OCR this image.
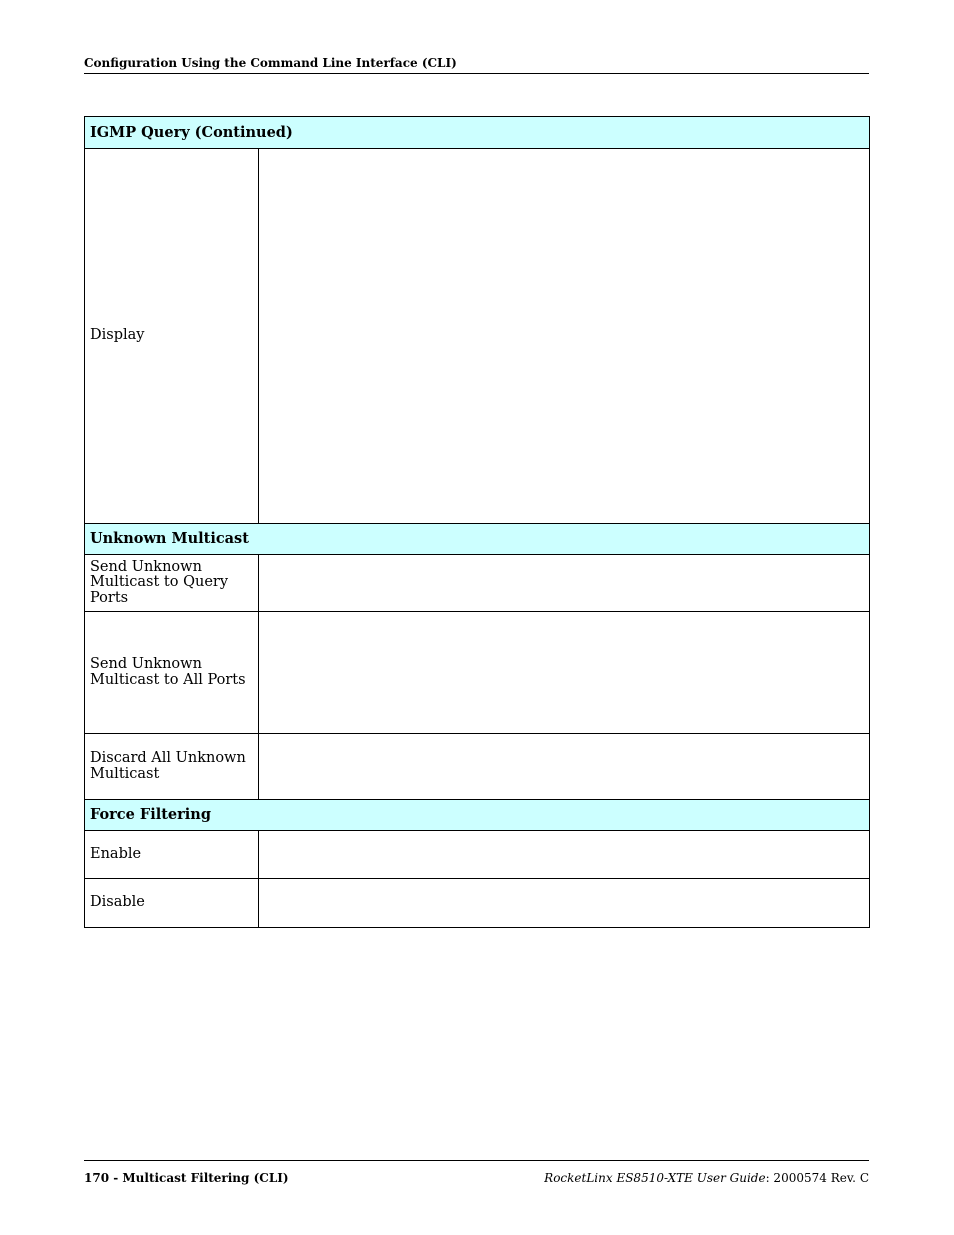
Configuration Using the Command Line Interface (CLI)
IGMP Query (Continued)	
Display	
Unknown Multicast	
Send Unknown Multicast to Query Ports	
Send Unknown Multicast to All Ports	
Discard All Unknown Multicast	
Force Filtering	
Enable	
Disable	
170 - Multicast Filtering (CLI)	RocketLinx ES8510-XTE User Guide: 2000574 Rev. C
